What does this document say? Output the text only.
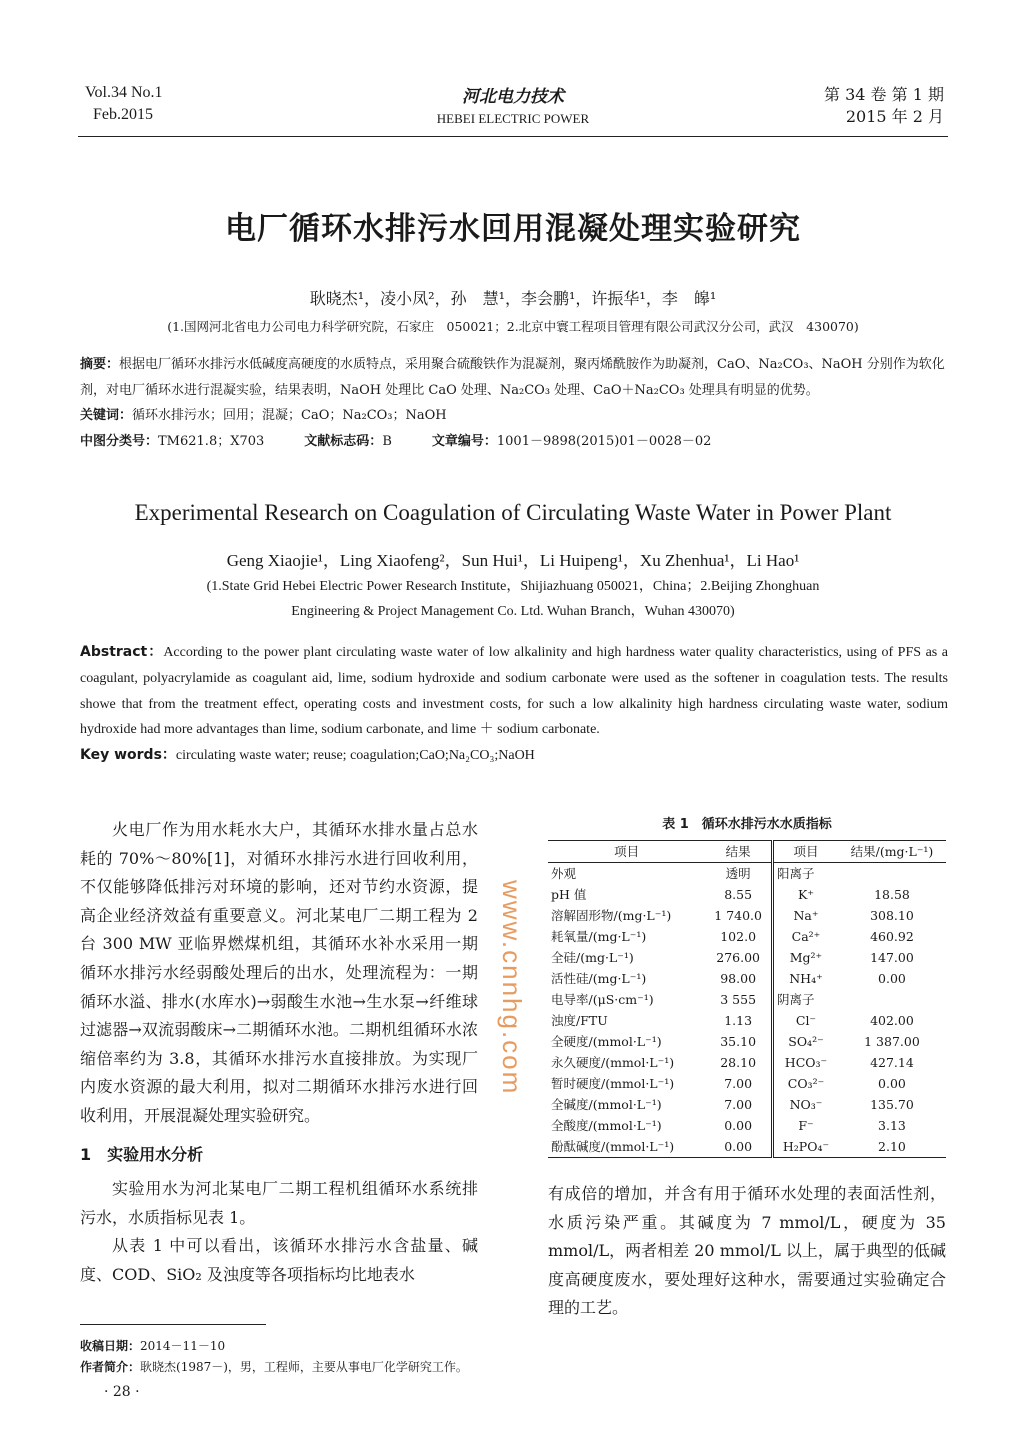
Vol.34 No.1
Feb.2015
河北电力技术
HEBEI ELECTRIC POWER
第 34 卷 第 1 期
2015 年 2 月
电厂循环水排污水回用混凝处理实验研究
耿晓杰¹，凌小凤²，孙　慧¹，李会鹏¹，许振华¹，李　皞¹
(1.国网河北省电力公司电力科学研究院，石家庄　050021；2.北京中寰工程项目管理有限公司武汉分公司，武汉　430070)
摘要：根据电厂循环水排污水低碱度高硬度的水质特点，采用聚合硫酸铁作为混凝剂，聚丙烯酰胺作为助凝剂，CaO、Na₂CO₃、NaOH 分别作为软化剂，对电厂循环水进行混凝实验，结果表明，NaOH 处理比 CaO 处理、Na₂CO₃ 处理、CaO＋Na₂CO₃ 处理具有明显的优势。
关键词：循环水排污水；回用；混凝；CaO；Na₂CO₃；NaOH
中图分类号：TM621.8；X703	文献标志码：B	文章编号：1001－9898(2015)01－0028－02
Experimental Research on Coagulation of Circulating Waste Water in Power Plant
Geng Xiaojie¹，Ling Xiaofeng²，Sun Hui¹，Li Huipeng¹，Xu Zhenhua¹，Li Hao¹
(1.State Grid Hebei Electric Power Research Institute，Shijiazhuang 050021，China；2.Beijing Zhonghuan
Engineering & Project Management Co. Ltd. Wuhan Branch，Wuhan 430070)
Abstract：According to the power plant circulating waste water of low alkalinity and high hardness water quality characteristics, using of PFS as a coagulant, polyacrylamide as coagulant aid, lime, sodium hydroxide and sodium carbonate were used as the softener in coagulation tests. The results showe that from the treatment effect, operating costs and investment costs, for such a low alkalinity high hardness circulating waste water, sodium hydroxide had more advantages than lime, sodium carbonate, and lime ＋ sodium carbonate.
Key words：circulating waste water; reuse; coagulation;CaO;Na₂CO₃;NaOH
www.cnnhg.com

火电厂作为用水耗水大户，其循环水排水量占总水耗的 70%～80%[1]，对循环水排污水进行回收利用，不仅能够降低排污对环境的影响，还对节约水资源，提高企业经济效益有重要意义。河北某电厂二期工程为 2 台 300 MW 亚临界燃煤机组，其循环水补水采用一期循环水排污水经弱酸处理后的出水，处理流程为：一期循环水溢、排水(水库水)→弱酸生水池→生水泵→纤维球过滤器→双流弱酸床→二期循环水池。二期机组循环水浓缩倍率约为 3.8，其循环水排污水直接排放。为实现厂内废水资源的最大利用，拟对二期循环水排污水进行回收利用，开展混凝处理实验研究。

1　实验用水分析

实验用水为河北某电厂二期工程机组循环水系统排污水，水质指标见表 1。

从表 1 中可以看出，该循环水排污水含盐量、碱度、COD、SiO₂ 及浊度等各项指标均比地表水

表 1　循环水排污水水质指标
项目	结果	项目	结果/(mg·L⁻¹)
外观	透明	阳离子	
pH 值	8.55	K⁺	18.58
溶解固形物/(mg·L⁻¹)	1 740.0	Na⁺	308.10
耗氧量/(mg·L⁻¹)	102.0	Ca²⁺	460.92
全硅/(mg·L⁻¹)	276.00	Mg²⁺	147.00
活性硅/(mg·L⁻¹)	98.00	NH₄⁺	0.00
电导率/(μS·cm⁻¹)	3 555	阴离子	
浊度/FTU	1.13	Cl⁻	402.00
全硬度/(mmol·L⁻¹)	35.10	SO₄²⁻	1 387.00
永久硬度/(mmol·L⁻¹)	28.10	HCO₃⁻	427.14
暂时硬度/(mmol·L⁻¹)	7.00	CO₃²⁻	0.00
全碱度/(mmol·L⁻¹)	7.00	NO₃⁻	135.70
全酸度/(mmol·L⁻¹)	0.00	F⁻	3.13
酚酞碱度/(mmol·L⁻¹)	0.00	H₂PO₄⁻	2.10
有成倍的增加，并含有用于循环水处理的表面活性剂，水质污染严重。其碱度为 7 mmol/L，硬度为 35 mmol/L，两者相差 20 mmol/L 以上，属于典型的低碱度高硬度废水，要处理好这种水，需要通过实验确定合理的工艺。
收稿日期：2014－11－10
作者简介：耿晓杰(1987－)，男，工程师，主要从事电厂化学研究工作。
· 28 ·
